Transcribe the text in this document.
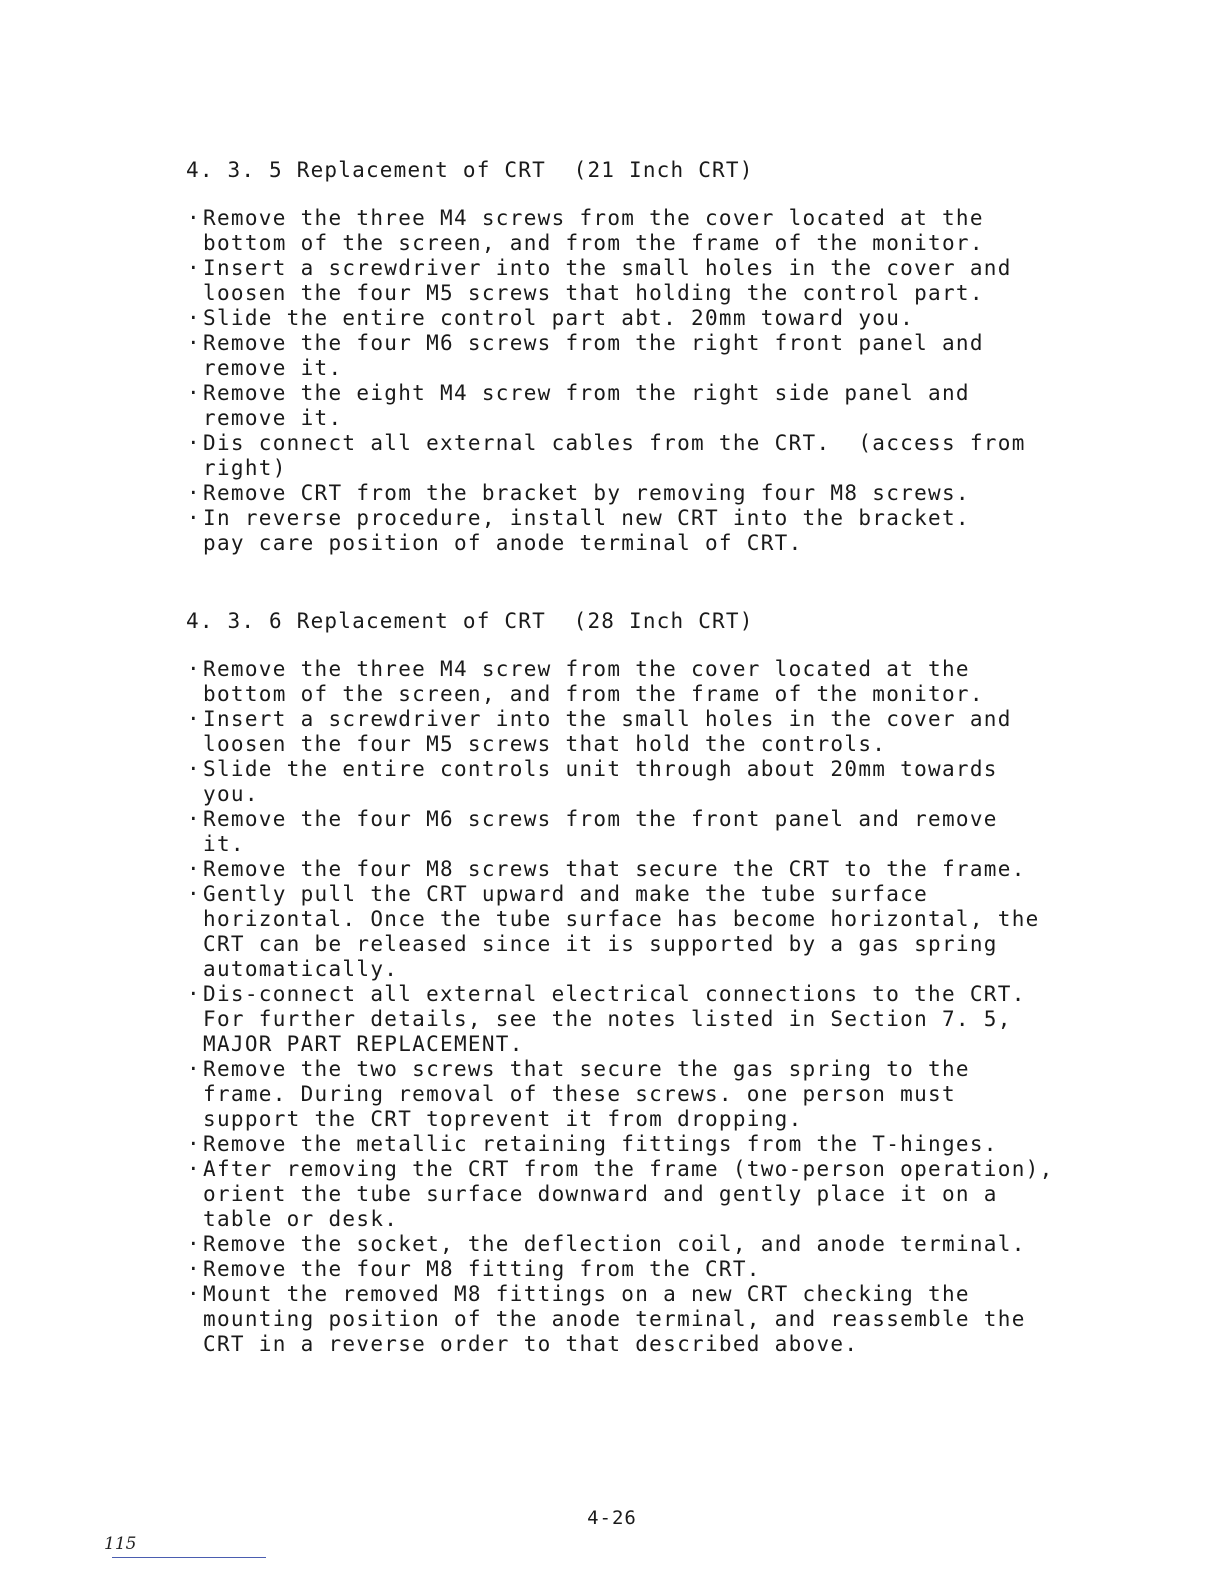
4. 3. 5 Replacement of CRT  (21 Inch CRT)
· Remove the three M4 screws from the cover located at the
bottom of the screen, and from the frame of the monitor.
· Insert a screwdriver into the small holes in the cover and
loosen the four M5 screws that holding the control part.
· Slide the entire control part abt. 20mm toward you.
· Remove the four M6 screws from the right front panel and
remove it.
· Remove the eight M4 screw from the right side panel and
remove it.
· Dis connect all external cables from the CRT.  (access from
right)
· Remove CRT from the bracket by removing four M8 screws.
· In reverse procedure, install new CRT into the bracket.
pay care position of anode terminal of CRT.
4. 3. 6 Replacement of CRT  (28 Inch CRT)
· Remove the three M4 screw from the cover located at the
bottom of the screen, and from the frame of the monitor.
· Insert a screwdriver into the small holes in the cover and
loosen the four M5 screws that hold the controls.
· Slide the entire controls unit through about 20mm towards
you.
· Remove the four M6 screws from the front panel and remove
it.
· Remove the four M8 screws that secure the CRT to the frame.
· Gently pull the CRT upward and make the tube surface
horizontal. Once the tube surface has become horizontal, the
CRT can be released since it is supported by a gas spring
automatically.
· Dis-connect all external electrical connections to the CRT.
For further details, see the notes listed in Section 7. 5,
MAJOR PART REPLACEMENT.
· Remove the two screws that secure the gas spring to the
frame. During removal of these screws. one person must
support the CRT toprevent it from dropping.
· Remove the metallic retaining fittings from the T-hinges.
· After removing the CRT from the frame (two-person operation),
orient the tube surface downward and gently place it on a
table or desk.
· Remove the socket, the deflection coil, and anode terminal.
· Remove the four M8 fitting from the CRT.
· Mount the removed M8 fittings on a new CRT checking the
mounting position of the anode terminal, and reassemble the
CRT in a reverse order to that described above.
4-26
115
